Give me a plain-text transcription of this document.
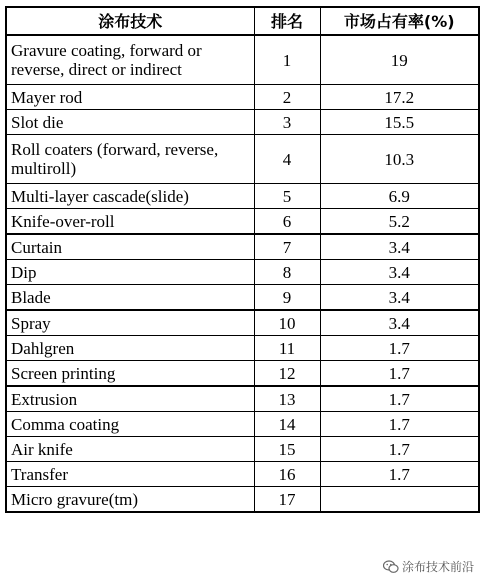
涂布技术	排名	市场占有率(%)
Gravure coating, forward or reverse, direct or indirect	1	19
Mayer rod	2	17.2
Slot die	3	15.5
Roll coaters (forward, reverse, multiroll)	4	10.3
Multi-layer cascade(slide)	5	6.9
Knife-over-roll	6	5.2
Curtain	7	3.4
Dip	8	3.4
Blade	9	3.4
Spray	10	3.4
Dahlgren	11	1.7
Screen printing	12	1.7
Extrusion	13	1.7
Comma coating	14	1.7
Air knife	15	1.7
Transfer	16	1.7
Micro gravure(tm)	17	
涂布技术前沿
